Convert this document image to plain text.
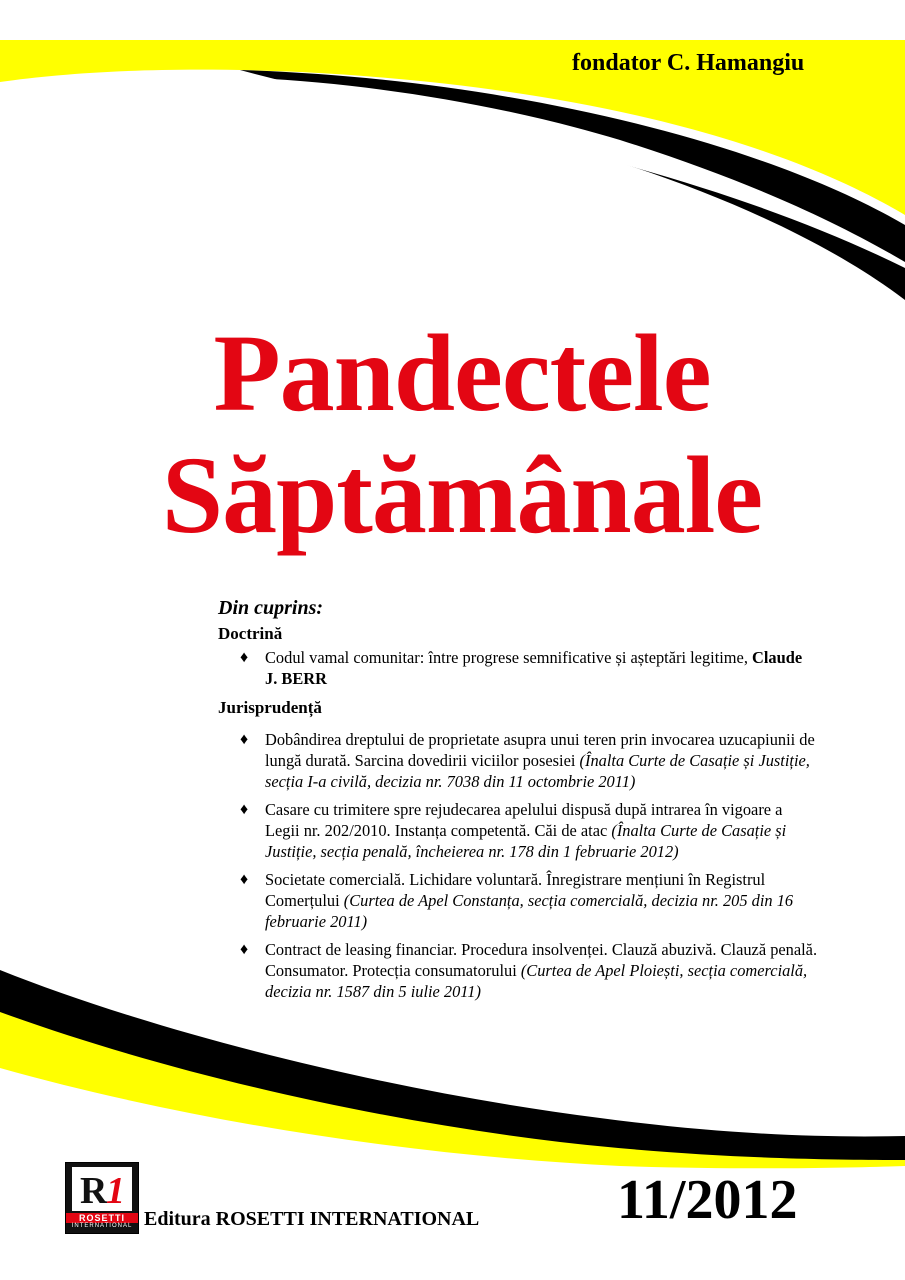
fondator C. Hamangiu
Pandectele
Săptămânale

Din cuprins:

Doctrină

♦ Codul vamal comunitar: între progrese semnificative și așteptări legitime, Claude J. BERR

Jurisprudență

♦ Dobândirea dreptului de proprietate asupra unui teren prin invocarea uzucapiunii de lungă durată. Sarcina dovedirii viciilor posesiei (Înalta Curte de Casație și Justiție, secția I-a civilă, decizia nr. 7038 din 11 octombrie 2011)
♦ Casare cu trimitere spre rejudecarea apelului dispusă după intrarea în vigoare a Legii nr. 202/2010. Instanța competentă. Căi de atac (Înalta Curte de Casație și Justiție, secția penală, încheierea nr. 178 din 1 februarie 2012)
♦ Societate comercială. Lichidare voluntară. Înregistrare mențiuni în Registrul Comerțului (Curtea de Apel Constanța, secția comercială, decizia nr. 205 din 16 februarie 2011)
♦ Contract de leasing financiar. Procedura insolvenței. Clauză abuzivă. Clauză penală. Consumator. Protecția consumatorului (Curtea de Apel Ploiești, secția comercială, decizia nr. 1587 din 5 iulie 2011)
R
1
ROSETTI
INTERNATIONAL Editura ROSETTI INTERNATIONAL 11/2012
